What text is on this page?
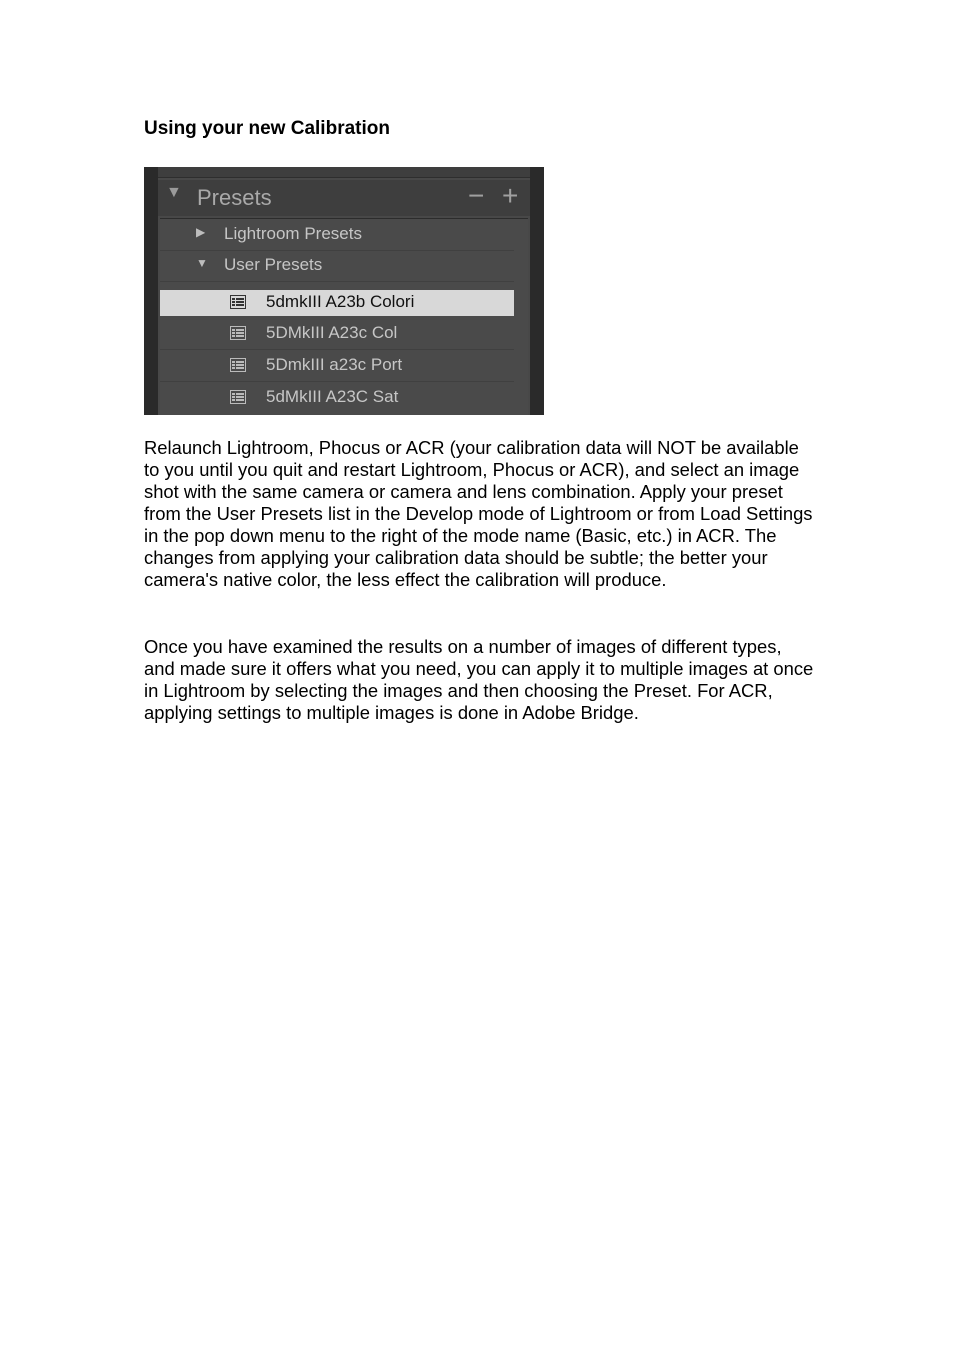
Using your new Calibration
▼ Presets	− +
▶ Lightroom Presets
▼ User Presets
5dmkIII A23b Colori
5DMkIII A23c Col
5DmkIII a23c Port
5dMkIII A23C Sat

Relaunch Lightroom, Phocus or ACR (your calibration data will NOT be available to you until you quit and restart Lightroom, Phocus or ACR), and select an image shot with the same camera or camera and lens combination. Apply your preset from the User Presets list in the Develop mode of Lightroom or from Load Settings in the pop down menu to the right of the mode name (Basic, etc.) in ACR. The changes from applying your calibration data should be subtle; the better your camera's native color, the less effect the calibration will produce.

Once you have examined the results on a number of images of different types, and made sure it offers what you need, you can apply it to multiple images at once in Lightroom by selecting the images and then choosing the Preset. For ACR, applying settings to multiple images is done in Adobe Bridge.
